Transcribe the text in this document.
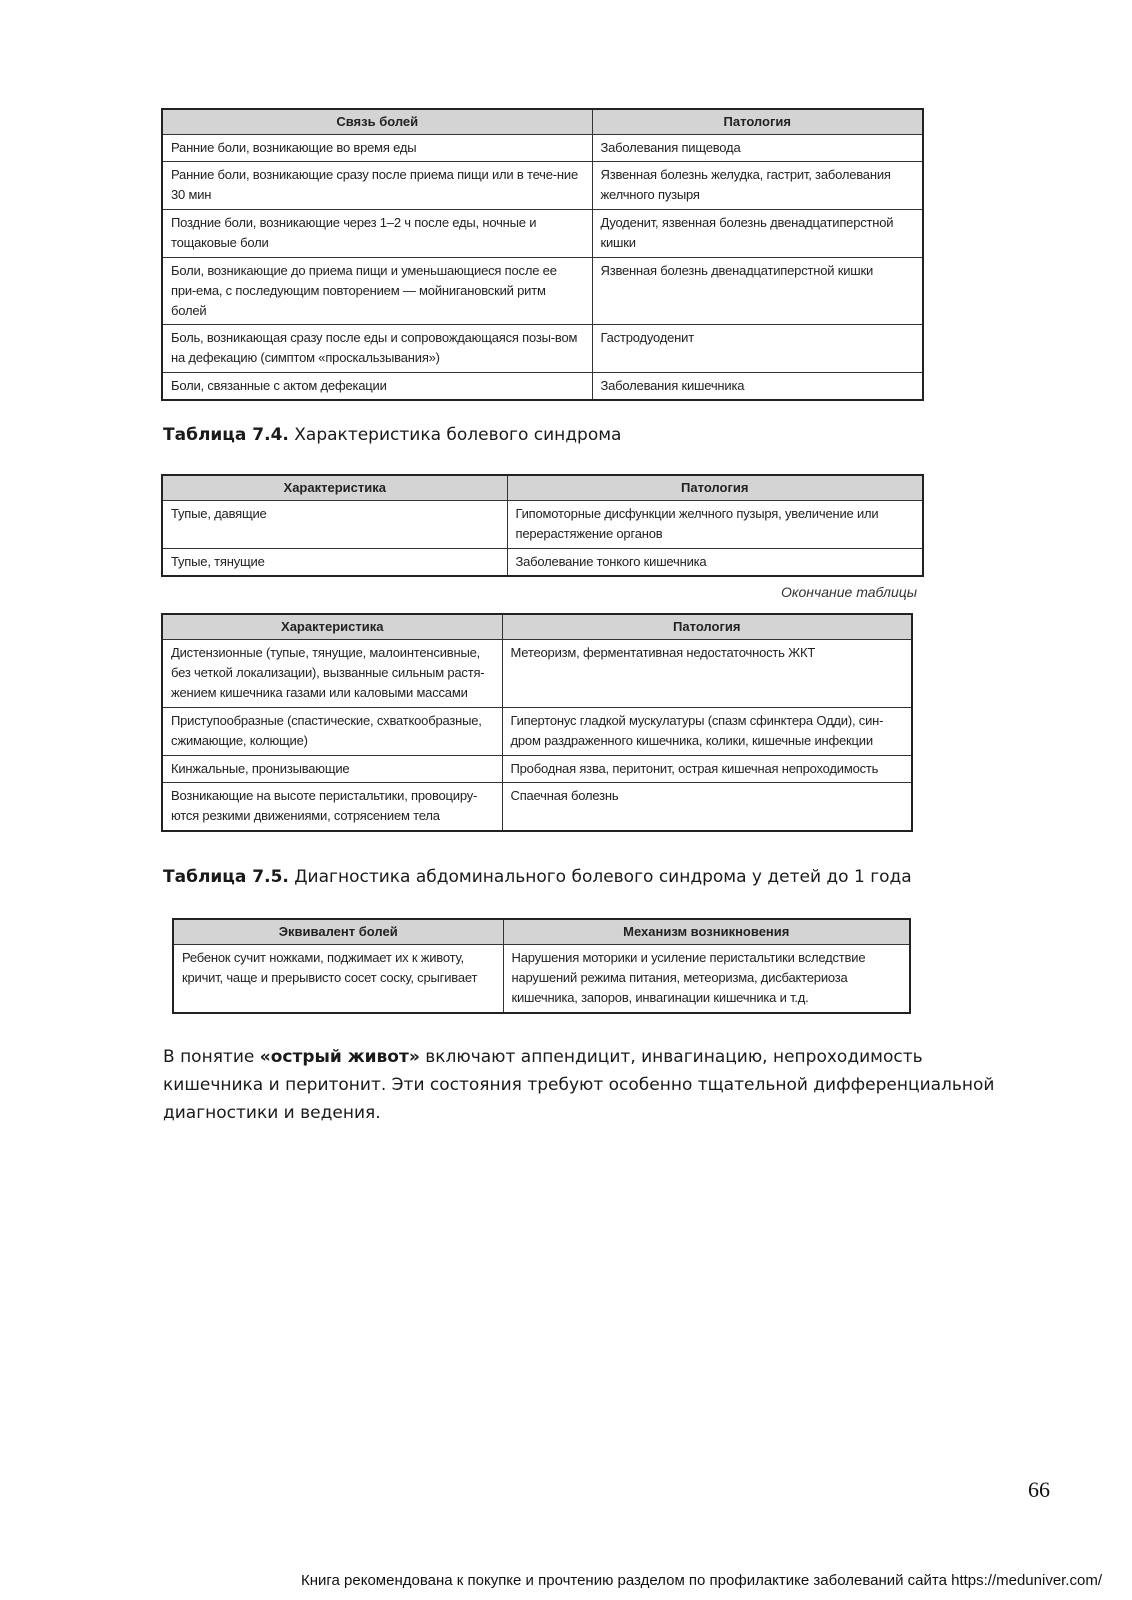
Связь болей	Патология
Ранние боли, возникающие во время еды	Заболевания пищевода
Ранние боли, возникающие сразу после приема пищи или в тече-ние 30 мин	Язвенная болезнь желудка, гастрит, заболевания желчного пузыря
Поздние боли, возникающие через 1–2 ч после еды, ночные и тощаковые боли	Дуоденит, язвенная болезнь двенадцатиперстной кишки
Боли, возникающие до приема пищи и уменьшающиеся после ее при-ема, с последующим повторением — мойнигановский ритм болей	Язвенная болезнь двенадцатиперстной кишки
Боль, возникающая сразу после еды и сопровождающаяся позы-вом на дефекацию (симптом «проскальзывания»)	Гастродуоденит
Боли, связанные с актом дефекации	Заболевания кишечника
Таблица 7.4. Характеристика болевого синдрома
Характеристика	Патология
Тупые, давящие	Гипомоторные дисфункции желчного пузыря, увеличение или перерастяжение органов
Тупые, тянущие	Заболевание тонкого кишечника
Окончание таблицы
Характеристика	Патология
Дистензионные (тупые, тянущие, малоинтенсивные, без четкой локализации), вызванные сильным растя-жением кишечника газами или каловыми массами	Метеоризм, ферментативная недостаточность ЖКТ
Приступообразные (спастические, схваткообразные, сжимающие, колющие)	Гипертонус гладкой мускулатуры (спазм сфинктера Одди), син-дром раздраженного кишечника, колики, кишечные инфекции
Кинжальные, пронизывающие	Прободная язва, перитонит, острая кишечная непроходимость
Возникающие на высоте перистальтики, провоциру-ются резкими движениями, сотрясением тела	Спаечная болезнь
Таблица 7.5. Диагностика абдоминального болевого синдрома у детей до 1 года
Эквивалент болей	Механизм возникновения
Ребенок сучит ножками, поджимает их к животу, кричит, чаще и прерывисто сосет соску, срыгивает	Нарушения моторики и усиление перистальтики вследствие нарушений режима питания, метеоризма, дисбактериоза кишечника, запоров, инвагинации кишечника и т.д.
В понятие «острый живот» включают аппендицит, инвагинацию, непроходимость кишечника и перитонит. Эти состояния требуют особенно тщательной дифференциальной диагностики и ведения.
66
Книга рекомендована к покупке и прочтению разделом по профилактике заболеваний сайта https://meduniver.com/
